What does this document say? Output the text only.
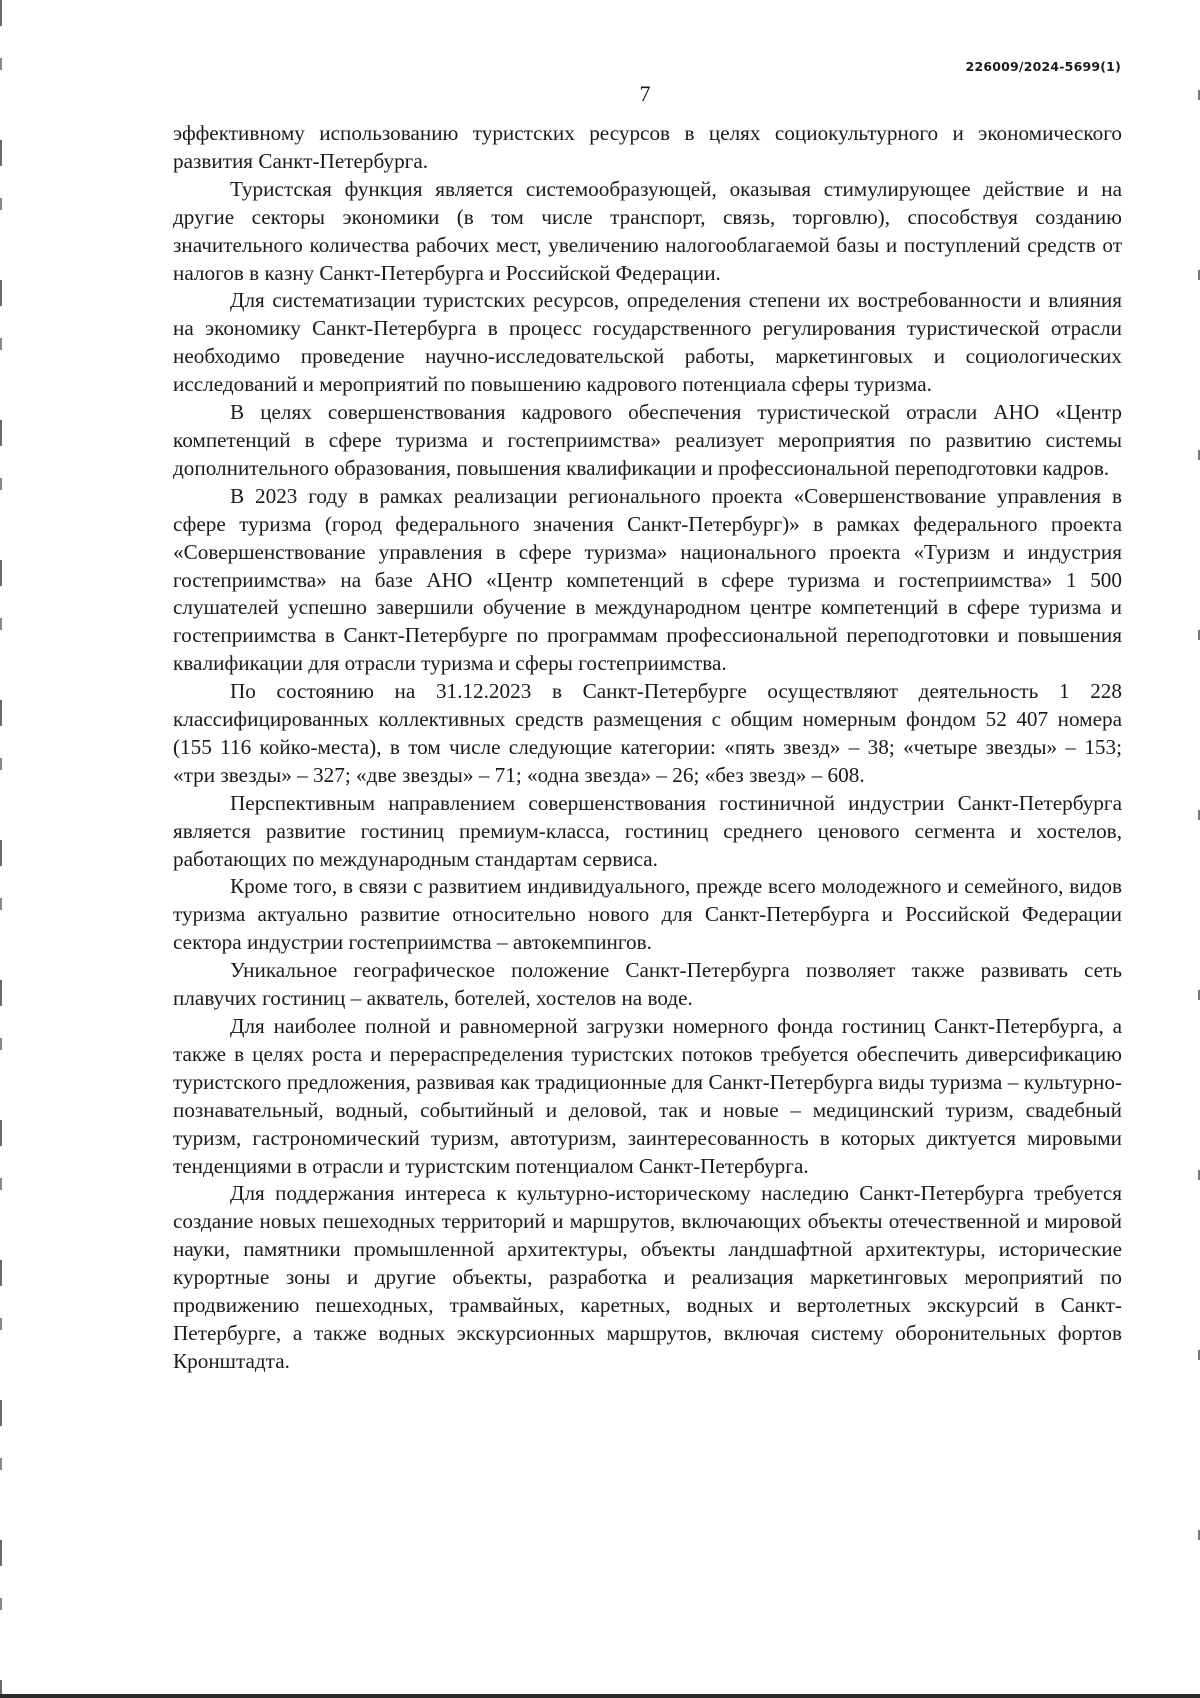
226009/2024-5699(1)
7

эффективному использованию туристских ресурсов в целях социокультурного и экономического развития Санкт-Петербурга.

Туристская функция является системообразующей, оказывая стимулирующее действие и на другие секторы экономики (в том числе транспорт, связь, торговлю), способствуя созданию значительного количества рабочих мест, увеличению налогооблагаемой базы и поступлений средств от налогов в казну Санкт-Петербурга и Российской Федерации.

Для систематизации туристских ресурсов, определения степени их востребованности и влияния на экономику Санкт-Петербурга в процесс государственного регулирования туристической отрасли необходимо проведение научно-исследовательской работы, маркетинговых и социологических исследований и мероприятий по повышению кадрового потенциала сферы туризма.

В целях совершенствования кадрового обеспечения туристической отрасли АНО «Центр компетенций в сфере туризма и гостеприимства» реализует мероприятия по развитию системы дополнительного образования, повышения квалификации и профессиональной переподготовки кадров.

В 2023 году в рамках реализации регионального проекта «Совершенствование управления в сфере туризма (город федерального значения Санкт-Петербург)» в рамках федерального проекта «Совершенствование управления в сфере туризма» национального проекта «Туризм и индустрия гостеприимства» на базе АНО «Центр компетенций в сфере туризма и гостеприимства» 1 500 слушателей успешно завершили обучение в международном центре компетенций в сфере туризма и гостеприимства в Санкт-Петербурге по программам профессиональной переподготовки и повышения квалификации для отрасли туризма и сферы гостеприимства.

По состоянию на 31.12.2023 в Санкт-Петербурге осуществляют деятельность 1 228 классифицированных коллективных средств размещения с общим номерным фондом 52 407 номера (155 116 койко-места), в том числе следующие категории: «пять звезд» – 38; «четыре звезды» – 153; «три звезды» – 327; «две звезды» – 71; «одна звезда» – 26; «без звезд» – 608.

Перспективным направлением совершенствования гостиничной индустрии Санкт-Петербурга является развитие гостиниц премиум-класса, гостиниц среднего ценового сегмента и хостелов, работающих по международным стандартам сервиса.

Кроме того, в связи с развитием индивидуального, прежде всего молодежного и семейного, видов туризма актуально развитие относительно нового для Санкт-Петербурга и Российской Федерации сектора индустрии гостеприимства – автокемпингов.

Уникальное географическое положение Санкт-Петербурга позволяет также развивать сеть плавучих гостиниц – акватель, ботелей, хостелов на воде.

Для наиболее полной и равномерной загрузки номерного фонда гостиниц Санкт-Петербурга, а также в целях роста и перераспределения туристских потоков требуется обеспечить диверсификацию туристского предложения, развивая как традиционные для Санкт-Петербурга виды туризма – культурно-познавательный, водный, событийный и деловой, так и новые – медицинский туризм, свадебный туризм, гастрономический туризм, автотуризм, заинтересованность в которых диктуется мировыми тенденциями в отрасли и туристским потенциалом Санкт-Петербурга.

Для поддержания интереса к культурно-историческому наследию Санкт-Петербурга требуется создание новых пешеходных территорий и маршрутов, включающих объекты отечественной и мировой науки, памятники промышленной архитектуры, объекты ландшафтной архитектуры, исторические курортные зоны и другие объекты, разработка и реализация маркетинговых мероприятий по продвижению пешеходных, трамвайных, каретных, водных и вертолетных экскурсий в Санкт-Петербурге, а также водных экскурсионных маршрутов, включая систему оборонительных фортов Кронштадта.
